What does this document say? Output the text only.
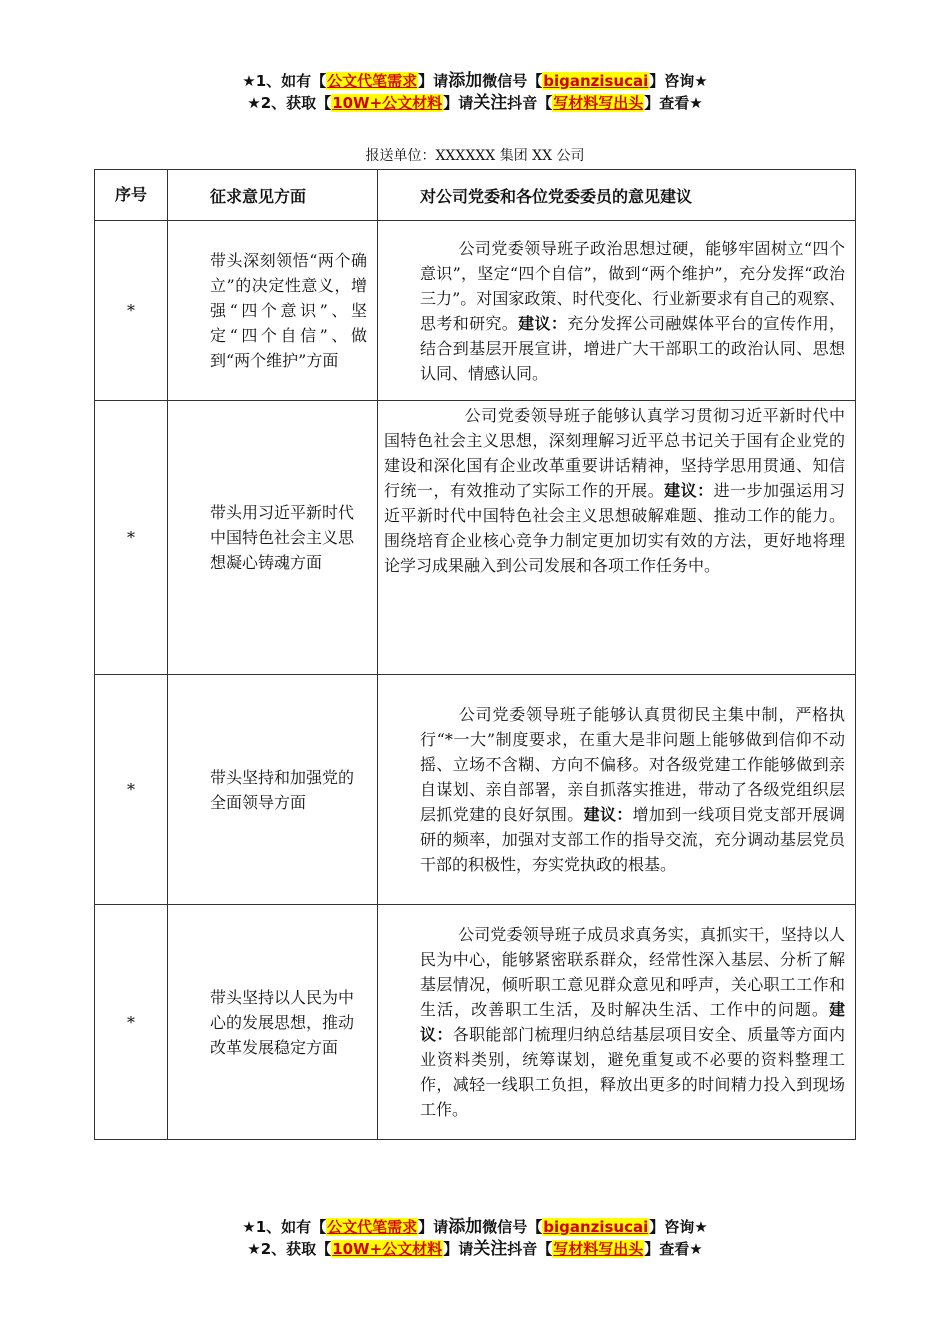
★1、如有【公文代笔需求】请添加微信号【biganzisucai】咨询★
★2、获取【10W+公文材料】请关注抖音【写材料写出头】查看★
报送单位：XXXXXX 集团 XX 公司
序号	征求意见方面	对公司党委和各位党委委员的意见建议
*	带头深刻领悟“两个确立”的决定性意义，增强“四个意识”、坚定“四个自信”、做到“两个维护”方面	公司党委领导班子政治思想过硬，能够牢固树立“四个意识”，坚定“四个自信”，做到“两个维护”，充分发挥“政治三力”。对国家政策、时代变化、行业新要求有自己的观察、思考和研究。建议：充分发挥公司融媒体平台的宣传作用，结合到基层开展宣讲，增进广大干部职工的政治认同、思想认同、情感认同。
*	带头用习近平新时代中国特色社会主义思想凝心铸魂方面	公司党委领导班子能够认真学习贯彻习近平新时代中国特色社会主义思想，深刻理解习近平总书记关于国有企业党的建设和深化国有企业改革重要讲话精神，坚持学思用贯通、知信行统一，有效推动了实际工作的开展。建议：进一步加强运用习近平新时代中国特色社会主义思想破解难题、推动工作的能力。围绕培育企业核心竞争力制定更加切实有效的方法，更好地将理论学习成果融入到公司发展和各项工作任务中。
*	带头坚持和加强党的全面领导方面	公司党委领导班子能够认真贯彻民主集中制，严格执行“*一大”制度要求，在重大是非问题上能够做到信仰不动摇、立场不含糊、方向不偏移。对各级党建工作能够做到亲自谋划、亲自部署，亲自抓落实推进，带动了各级党组织层层抓党建的良好氛围。建议：增加到一线项目党支部开展调研的频率，加强对支部工作的指导交流，充分调动基层党员干部的积极性，夯实党执政的根基。
*	带头坚持以人民为中心的发展思想，推动改革发展稳定方面	公司党委领导班子成员求真务实，真抓实干，坚持以人民为中心，能够紧密联系群众，经常性深入基层、分析了解基层情况，倾听职工意见群众意见和呼声，关心职工工作和生活，改善职工生活，及时解决生活、工作中的问题。建议：各职能部门梳理归纳总结基层项目安全、质量等方面内业资料类别，统筹谋划，避免重复或不必要的资料整理工作，减轻一线职工负担，释放出更多的时间精力投入到现场工作。
★1、如有【公文代笔需求】请添加微信号【biganzisucai】咨询★
★2、获取【10W+公文材料】请关注抖音【写材料写出头】查看★
